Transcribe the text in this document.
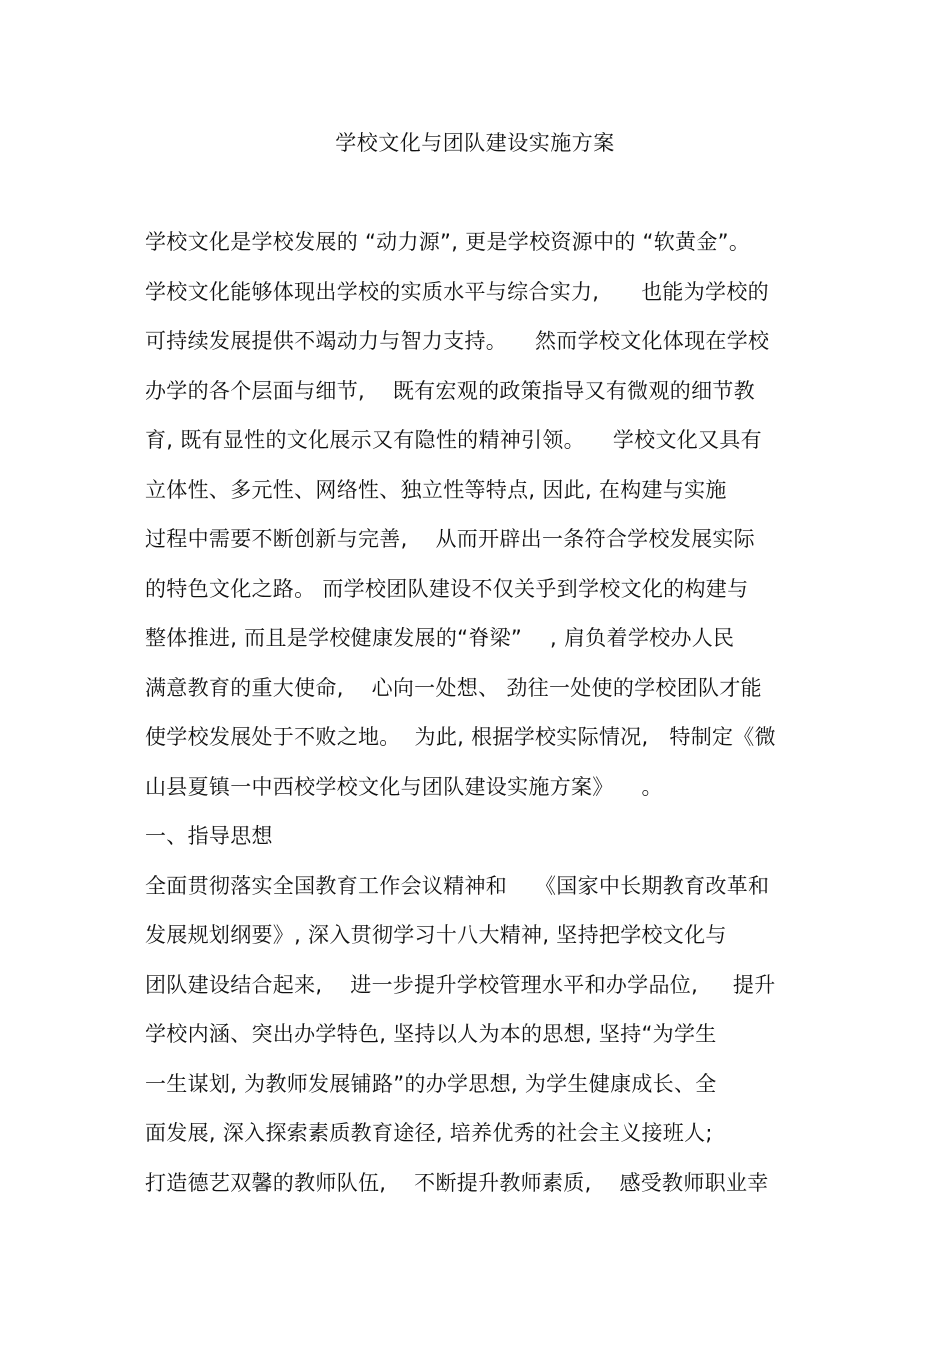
学校文化与团队建设实施方案
学校文化是学校发展的 “动力源”, 更是学校资源中的 “软黄金”。
学校文化能够体现出学校的实质水平与综合实力,      也能为学校的
可持续发展提供不竭动力与智力支持。    然而学校文化体现在学校
办学的各个层面与细节,    既有宏观的政策指导又有微观的细节教
育, 既有显性的文化展示又有隐性的精神引领。    学校文化又具有
立体性、多元性、网络性、独立性等特点, 因此, 在构建与实施
过程中需要不断创新与完善,    从而开辟出一条符合学校发展实际
的特色文化之路。 而学校团队建设不仅关乎到学校文化的构建与
整体推进, 而且是学校健康发展的“脊梁”    , 肩负着学校办人民
满意教育的重大使命,    心向一处想、 劲往一处使的学校团队才能
使学校发展处于不败之地。  为此, 根据学校实际情况,   特制定《微
山县夏镇一中西校学校文化与团队建设实施方案》    。
一、指导思想
全面贯彻落实全国教育工作会议精神和    《国家中长期教育改革和
发展规划纲要》, 深入贯彻学习十八大精神, 坚持把学校文化与
团队建设结合起来,    进一步提升学校管理水平和办学品位,     提升
学校内涵、突出办学特色, 坚持以人为本的思想, 坚持“为学生
一生谋划, 为教师发展铺路”的办学思想, 为学生健康成长、全
面发展, 深入探索素质教育途径, 培养优秀的社会主义接班人;
打造德艺双馨的教师队伍,    不断提升教师素质,    感受教师职业幸
